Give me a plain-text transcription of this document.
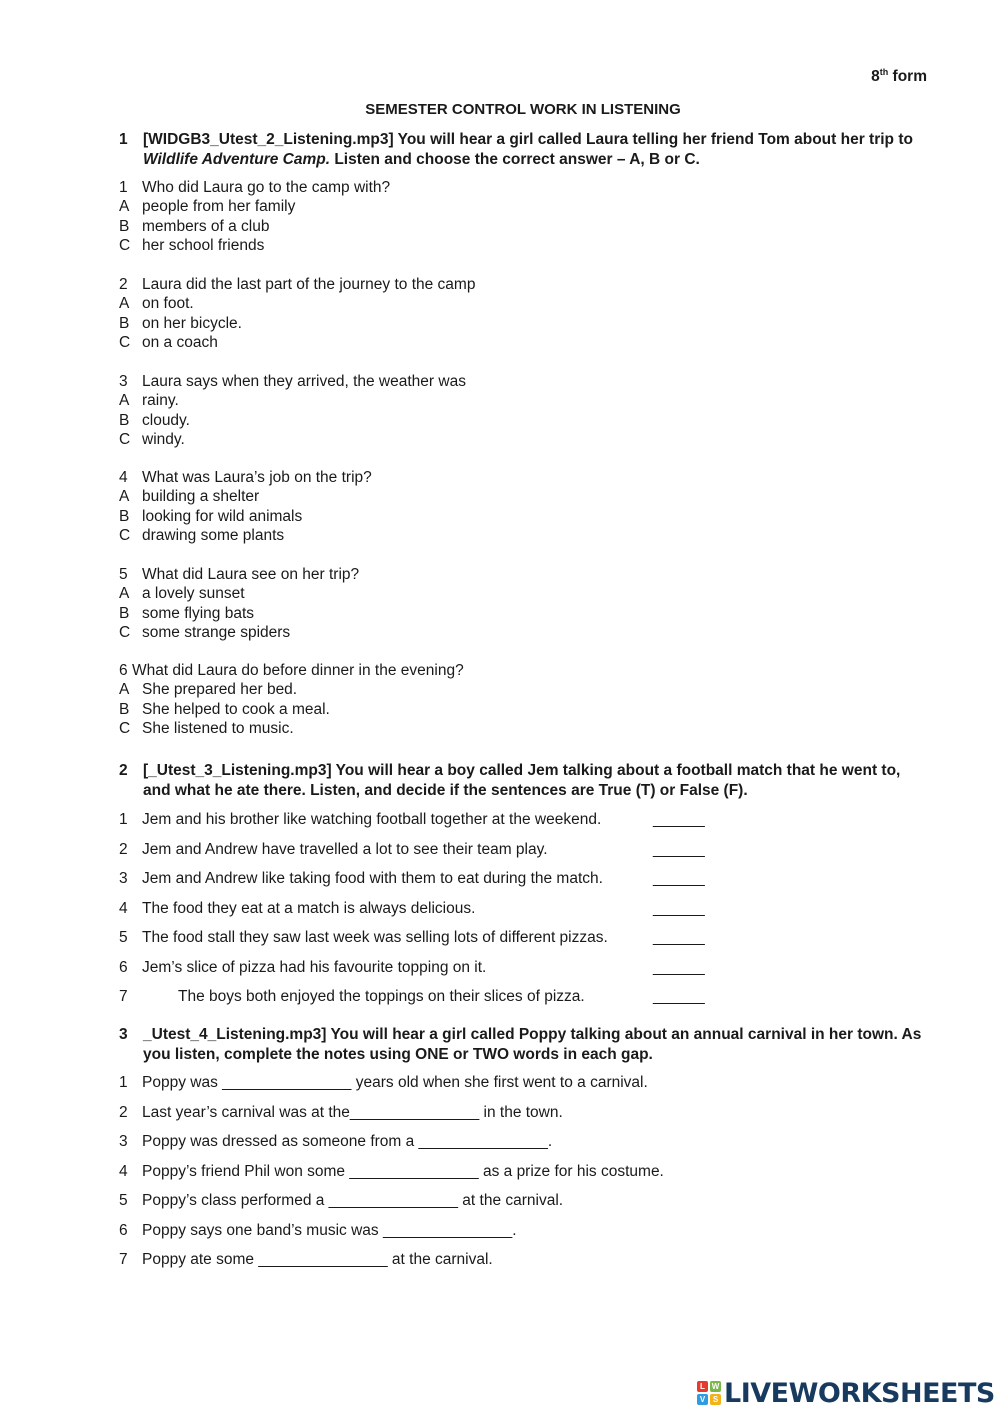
8th form
SEMESTER CONTROL WORK IN LISTENING
1 [WIDGB3_Utest_2_Listening.mp3] You will hear a girl called Laura telling her friend Tom about her trip to Wildlife Adventure Camp. Listen and choose the correct answer – A, B or C.
1 Who did Laura go to the camp with?
A people from her family
B members of a club
C her school friends
2 Laura did the last part of the journey to the camp
A on foot.
B on her bicycle.
C on a coach
3 Laura says when they arrived, the weather was
A rainy.
B cloudy.
C windy.
4 What was Laura’s job on the trip?
A building a shelter
B looking for wild animals
C drawing some plants
5 What did Laura see on her trip?
A a lovely sunset
B some flying bats
C some strange spiders
6 What did Laura do before dinner in the evening?
A She prepared her bed.
B She helped to cook a meal.
C She listened to music.
2 [_Utest_3_Listening.mp3] You will hear a boy called Jem talking about a football match that he went to, and what he ate there. Listen, and decide if the sentences are True (T) or False (F).
1 Jem and his brother like watching football together at the weekend.	______
2 Jem and Andrew have travelled a lot to see their team play.	______
3 Jem and Andrew like taking food with them to eat during the match.	______
4 The food they eat at a match is always delicious.	______
5 The food stall they saw last week was selling lots of different pizzas.	______
6 Jem’s slice of pizza had his favourite topping on it.	______
7	The boys both enjoyed the toppings on their slices of pizza.	______
3 _Utest_4_Listening.mp3] You will hear a girl called Poppy talking about an annual carnival in her town. As you listen, complete the notes using ONE or TWO words in each gap.
1 Poppy was _______________ years old when she first went to a carnival.
2 Last year’s carnival was at the_______________ in the town.
3 Poppy was dressed as someone from a _______________.
4 Poppy’s friend Phil won some _______________ as a prize for his costume.
5 Poppy’s class performed a _______________ at the carnival.
6 Poppy says one band’s music was _______________.
7 Poppy ate some _______________ at the carnival.
L W
V S LIVEWORKSHEETS
